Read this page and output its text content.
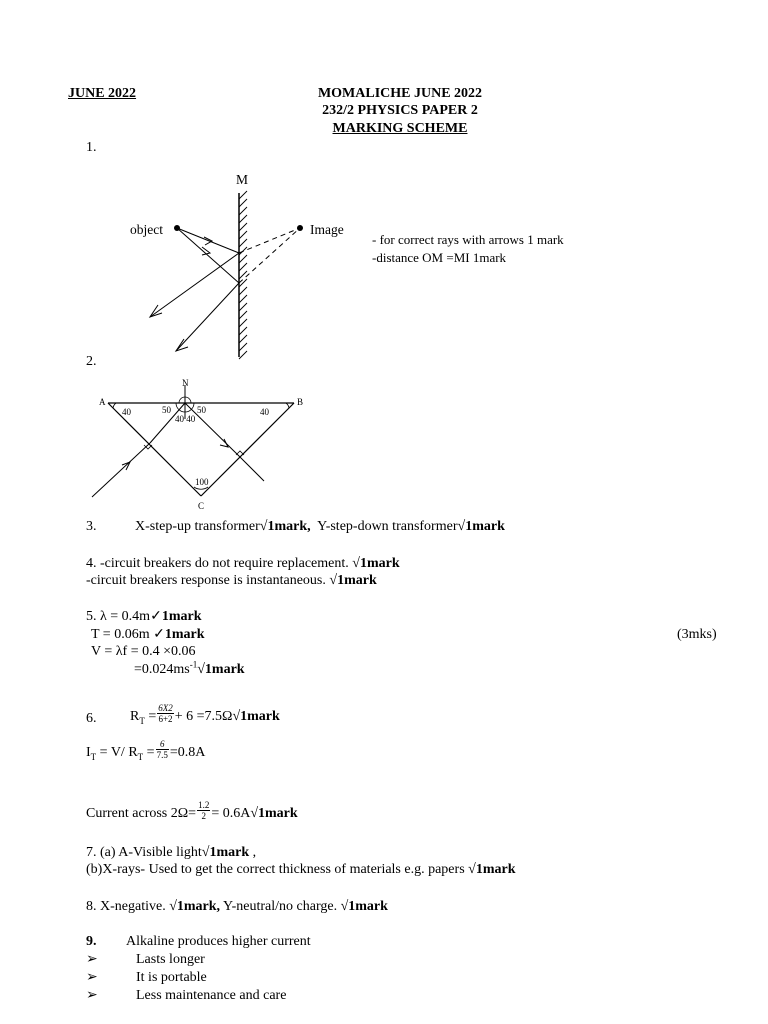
JUNE 2022	MOMALICHE JUNE 2022
232/2 PHYSICS PAPER 2
MARKING SCHEME
1.
M
object	Image
- for correct rays with arrows 1 mark
-distance OM =MI 1mark
2.
A	B
C
N
40	40
100
50	50
40 40
3.	X-step-up transformer√1mark, Y-step-down transformer√1mark
4. -circuit breakers do not require replacement. √1mark
-circuit breakers response is instantaneous. √1mark
5. λ = 0.4m✓1mark
T = 0.06m ✓1mark	(3mks)
V = λf = 0.4 ×0.06
$=0.024ms^{-1}√1mark$
6. $R_T = \frac{6X2}{6+2} + 6$ =7.5Ω√1mark
$I_T = V/$ $R_T = \frac{6}{7.5} =0.8A$
Current across $2\Omega= \frac{1.2}{2}$ = 0.6A√1mark
7. (a) A-Visible light√1mark ,
(b)X-rays- Used to get the correct thickness of materials e.g. papers √1mark
8. X-negative. √1mark, Y-neutral/no charge. √1mark
9. Alkaline produces higher current
➢	Lasts longer
➢	It is portable
➢	Less maintenance and care
